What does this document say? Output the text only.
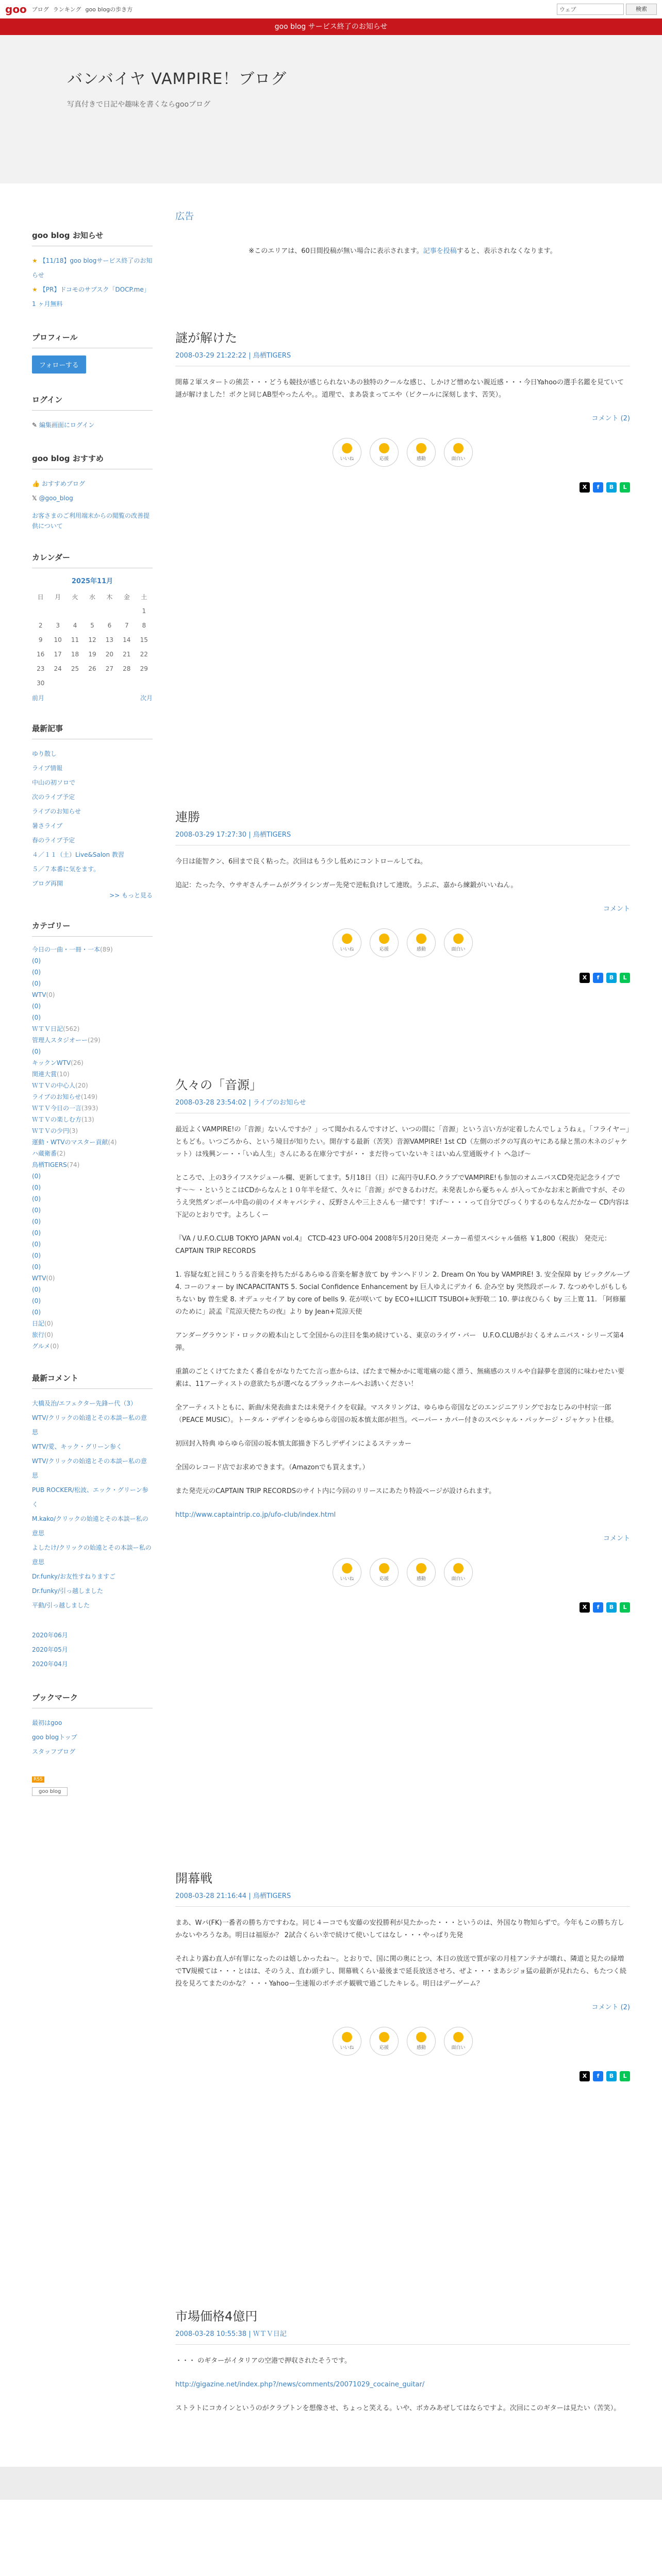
goo ブログ ランキング goo blogの歩き方	ウェブ	検索
goo blog サービス終了のお知らせ
バンバイヤ VAMPIRE！ブログ
写真付きで日記や趣味を書くならgooブログ
goo blog お知らせ
★ 【11/18】goo blogサービス終了のお知らせ
★ 【PR】ドコモのサブスク「DOCP.me」1 ヶ月無料
プロフィール
フォローする
ログイン
✎ 編集画面にログイン
goo blog おすすめ
👍 おすすめブログ
𝕏 @goo_blog
お客さまのご利用端末からの閲覧の改善提供について
カレンダー
2025年11月
日	月	火	水	木	金	土
						1
2	3	4	5	6	7	8
9	10	11	12	13	14	15
16	17	18	19	20	21	22
23	24	25	26	27	28	29
30						
前月	次月
最新記事
ゆり散し
ライブ情報
中山の初ソロで
次のライブ予定
ライブのお知らせ
暑さライブ
春のライブ予定
４／１１（土）Live&Salon 教習
５／７本番に気をます。
ブログ再開
>> もっと見る
カテゴリー
今日の一曲・一冊・一本(89)
(0)
(0)
(0)
WTV(0)
(0)
(0)
ＷＴＶ日記(562)
管理人スタジオーー(29)
(0)
キックンWTV(26)
関連大賞(10)
ＷＴＶの中心人(20)
ライブのお知らせ(149)
ＷＴＶ今日の一言(393)
ＷＴＶの楽しむ方(13)
ＷＴＶの少円(3)
運動・WTVのマスター貢献(4)
ハ蔵衛番(2)
鳥栖TIGERS(74)
(0)
(0)
(0)
(0)
(0)
(0)
(0)
(0)
(0)
WTV(0)
(0)
(0)
(0)
日記(0)
旅行(0)
グルメ(0)
最新コメント
大橋及治/エフェクター先鋒ー代（3）
WTV/クリックの始遠とその本談ー私の意思
WTV/愛、キック・グリーン参く
WTV/クリックの始遠とその本談ー私の意思
PUB ROCKER/松波、エック・グリーン参く
M.kako/クリックの始遠とその本談ー私の意思
よしたけ/クリックの始遠とその本談ー私の意思
Dr.funky/お友性すねりますご
Dr.funky/引っ越しました
平動/引っ越しました
2020年06月
2020年05月
2020年04月
ブックマーク
最初はgoo
goo blogトップ
スタッフブログ
RSS
goo blog
広告
※このエリアは、60日間投稿が無い場合に表示されます。記事を投稿すると、表示されなくなります。
謎が解けた
2008-03-29 21:22:22 | 鳥栖TIGERS

開幕２軍スタートの熊芸・・・どうも競技が感じられないあの独特のクールな感じ、しかけど憎めない親近感・・・今日Yahooの選手名鑑を見ていて謎が解けました！ボクと同じAB型やったんや。。道理で、まあ袋まってエや（ピクールに深刻します、苦笑）。

コメント (2)
いいね	応援	感動	面白い
X	f	B	L
連勝
2008-03-29 17:27:30 | 鳥栖TIGERS

今日は能智クン、6回まで良く粘った。次回はもう少し低めにコントロールしてね。

追記：たった今、ウサギさんチームがグライシンガー先発で逆転負けして連敗。うぷぷ、嘉から練鍛がいいねん。

コメント
いいね	応援	感動	面白い
X	f	B	L
久々の「音源」
2008-03-28 23:54:02 | ライブのお知らせ

最近よくVAMPIRE!の「音源」ないんですか？」って聞かれるんですけど、いつの間に「音源」という言い方が定着したんでしょうねぇ。「フライヤー」ともども。いつごろから、という境目が知りたい。開存する最新（苦笑）音源VAMPIRE! 1st CD（左側のボクの写真のヤにある緑と黒の木ネのジャケット）は残興ンー・・「いぬ人生」さんにある在庫分ですが・・ まだ待っていないキミはいぬん堂通販サイト へ急げ〜

ところで、上の3ライフスケジュール欄、更新してます。5月18日（日）に高円寺U.F.O.クラブでVAMPIRE!も参加のオムニバスCD発売記念ライブです〜〜 ・というとこはCDからなんと１０年半を経て、久々に「音源」ができるわけだ。未発表しから憂ちゃん が入ってかなお末と新曲ですが、そのうえ突然ダンボール中島の前のイメキャパシティ、反野さんや三上さんも一緒です！すげ〜・・・って自分でびっくりするのもなんだかなー CD内容は下記のとおりです。よろしくー

『VA / U.F.O.CLUB TOKYO JAPAN vol.4』 CTCD-423 UFO-004 2008年5月20日発売 メーカー希望スペシャル価格 ￥1,800（税抜） 発売元：CAPTAIN TRIP RECORDS

1. 容疑な虹と回こりうる音楽を持ちたがるあらゆる音楽を解き放て by サンヘドリン 2. Dream On You by VAMPIRE! 3. 安全保障 by ビックグループ 4. コーのフォー by INCAPACITANTS 5. Social Confidence Enhancement by 巨人ゆえにデカイ 6. 企み空 by 突然段ボール 7. なつめやしがもしもちない by 曽生愛 8. オデュッセイア by core of bells 9. 花が咲いて by ECO+ILLICIT TSUBOI+灰野敬二 10. 夢は夜ひらく by 三上寛 11. 「阿修羅のために」読孟『荒涼天使たちの夜』より by Jean+荒涼天使

アンダーグラウンド・ロックの殿本山として全国からの注目を集め続けている、東京のライヴ・バー　U.F.O.CLUBがおくるオムニバス・シリーズ第4弾。

重鎮のごとくけてたまたく番自をがなりたてた言っ恵からは、ばたまで極かかに電電痛の総く漂う、無痛感のスリルや自録夢を意図的に味わせたい要素は、11アーティストの意欲たちが選べなるブラックホールへお誘いください！

全アーティストともに、新曲/未発表曲または未発テイクを収録。マスタリングは、ゆらゆら帝国などのエンジニアリングでおなじみの中村宗一郎（PEACE MUSIC）。トータル・デザインをゆらゆら帝国の坂本慎太郎が担当。ペーパー・カバー付きのスペシャル・パッケージ・ジャケット仕様。

初回封入特典 ゆらゆら帝国の坂本慎太郎描き下ろしデザインによるステッカー

全国のレコード店でお求めできます。（Amazonでも買えます。）

また発売元のCAPTAIN TRIP RECORDSのサイト内に今回のリリースにあたり特設ページが設けられます。

http://www.captaintrip.co.jp/ufo-club/index.html

コメント
いいね	応援	感動	面白い
X	f	B	L
開幕戦
2008-03-28 21:16:44 | 鳥栖TIGERS

まあ、Wパ(FK)一番者の勝ち方ですわな。同じ４ーコでも安藤の安投勝利が見たかった・・・というのは、外国なり物知らずで。今年もこの勝ち方しかないやろうなあ。明日は福原か？ 2試合くらい幸で続けて使いしてはなし・・・やっぱり先発

それより露わ直人が有罪になったのは嬉しかったね〜。とおりで、国に関の奥にとつ、本日の放送で質が家の月桂アンテナが壊れ、隣道と見たの緑増でTV規模ては・・・とはは、そのうえ、直わ頭テし、開幕戦くらい最後まで延長放送させろ、ぜよ・・・まあシジョ猛の最新が見れたら、もたつく続投を見ろてまたのかな？・・・Yahooー生速報のボチボチ観戦で過ごしたキレる。明日はデーゲーム？

コメント (2)
いいね	応援	感動	面白い
X	f	B	L
市場価格4億円
2008-03-28 10:55:38 | ＷＴＶ日記

・・・ のギターがイタリアの空港で押収されたそうです。

http://gigazine.net/index.php?/news/comments/20071029_cocaine_guitar/

ストラトにコカインというのがクラプトンを想像させ、ちょっと笑える。いや、ボカみあぜしてはならですよ。次回にこのギターは見たい（苦笑）。
